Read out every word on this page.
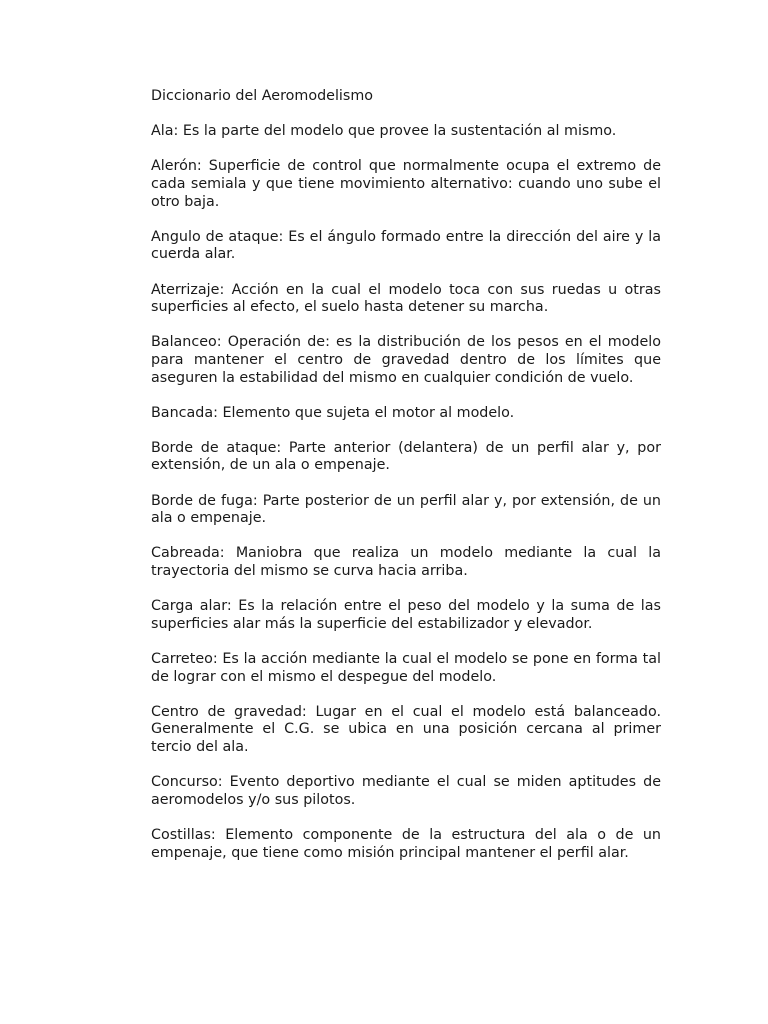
Diccionario del Aeromodelismo

Ala: Es la parte del modelo que provee la sustentación al mismo.

Alerón: Superficie de control que normalmente ocupa el extremo de cada semiala y que tiene movimiento alternativo: cuando uno sube el otro baja.

Angulo de ataque: Es el ángulo formado entre la dirección del aire y la cuerda alar.

Aterrizaje: Acción en la cual el modelo toca con sus ruedas u otras superficies al efecto, el suelo hasta detener su marcha.

Balanceo: Operación de: es la distribución de los pesos en el modelo para mantener el centro de gravedad dentro de los límites que aseguren la estabilidad del mismo en cualquier condición de vuelo.

Bancada: Elemento que sujeta el motor al modelo.

Borde de ataque: Parte anterior (delantera) de un perfil alar y, por extensión, de un ala o empenaje.

Borde de fuga: Parte posterior de un perfil alar y, por extensión, de un ala o empenaje.

Cabreada: Maniobra que realiza un modelo mediante la cual la trayectoria del mismo se curva hacia arriba.

Carga alar: Es la relación entre el peso del modelo y la suma de las superficies alar más la superficie del estabilizador y elevador.

Carreteo: Es la acción mediante la cual el modelo se pone en forma tal de lograr con el mismo el despegue del modelo.

Centro de gravedad: Lugar en el cual el modelo está balanceado. Generalmente el C.G. se ubica en una posición cercana al primer tercio del ala.

Concurso: Evento deportivo mediante el cual se miden aptitudes de aeromodelos y/o sus pilotos.

Costillas: Elemento componente de la estructura del ala o de un empenaje, que tiene como misión principal mantener el perfil alar.
